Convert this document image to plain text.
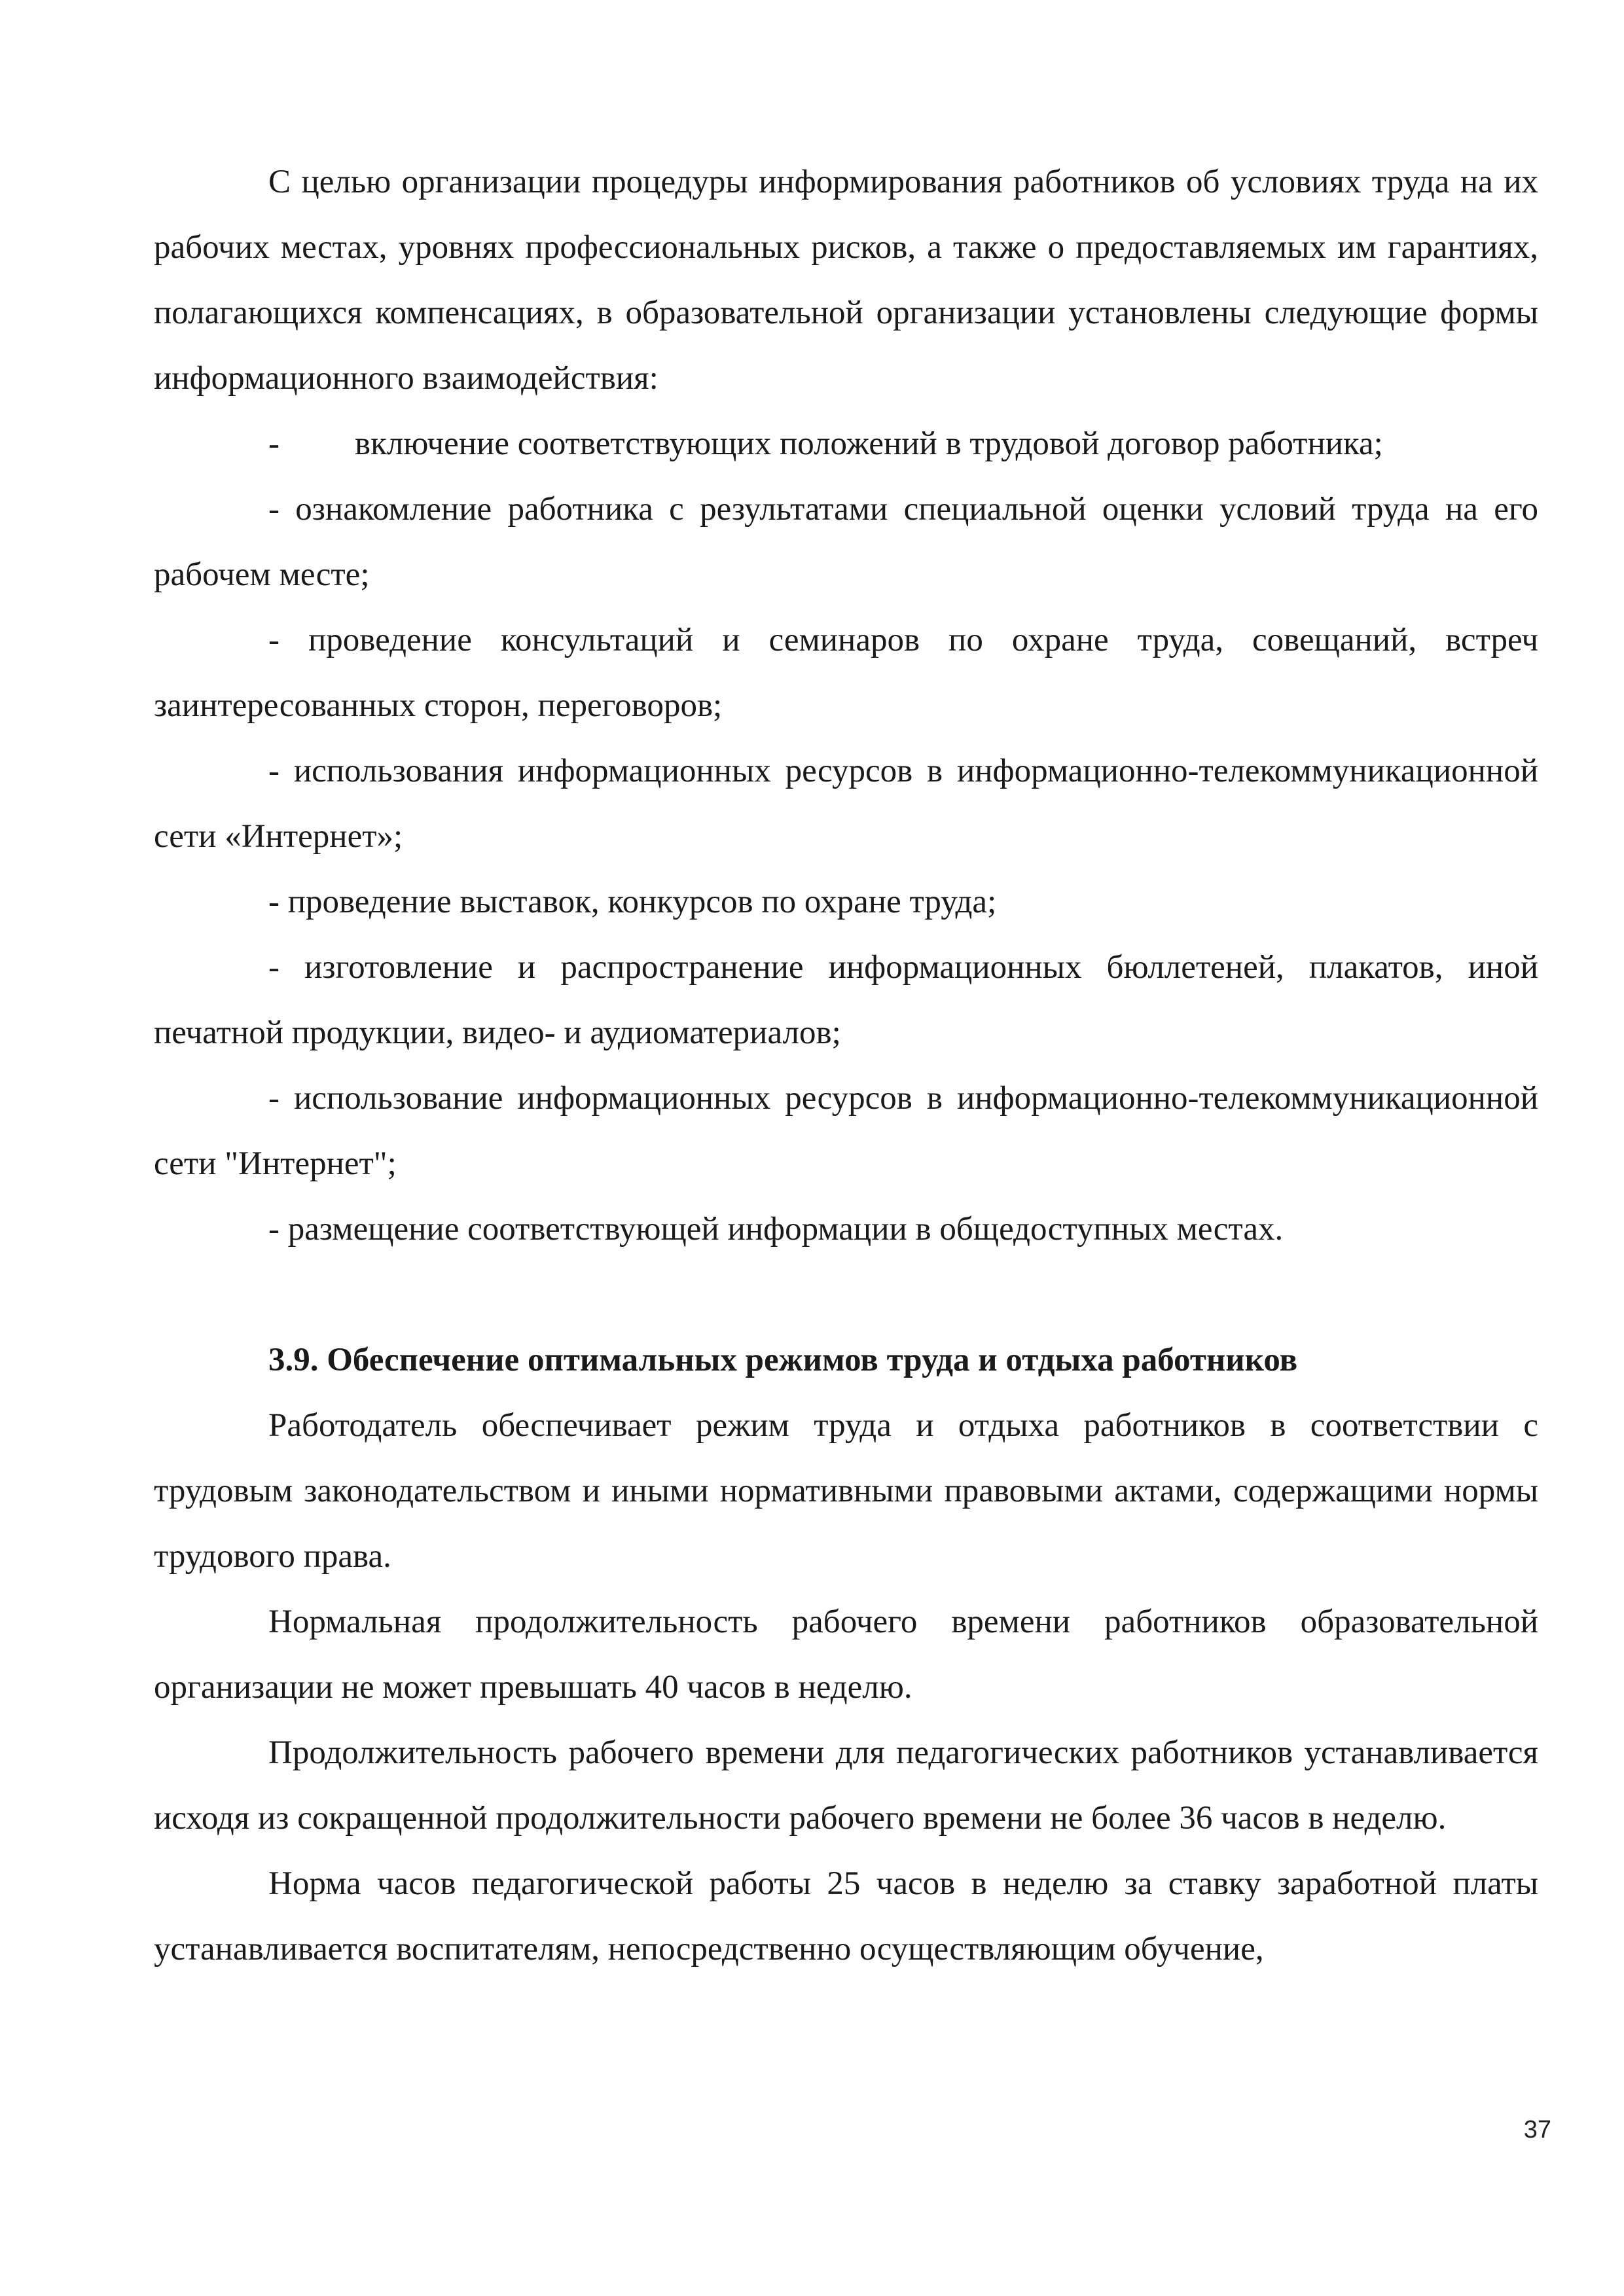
С целью организации процедуры информирования работников об условиях труда на их рабочих местах, уровнях профессиональных рисков, а также о предоставляемых им гарантиях, полагающихся компенсациях, в образовательной организации установлены следующие формы информационного взаимодействия:

- включение соответствующих положений в трудовой договор работника;

- ознакомление работника с результатами специальной оценки условий труда на его рабочем месте;

- проведение консультаций и семинаров по охране труда, совещаний, встреч заинтересованных сторон, переговоров;

- использования информационных ресурсов в информационно-телекоммуникационной сети «Интернет»;

- проведение выставок, конкурсов по охране труда;

- изготовление и распространение информационных бюллетеней, плакатов, иной печатной продукции, видео- и аудиоматериалов;

- использование информационных ресурсов в информационно-телекоммуникационной сети "Интернет";

- размещение соответствующей информации в общедоступных местах.

3.9. Обеспечение оптимальных режимов труда и отдыха работников

Работодатель обеспечивает режим труда и отдыха работников в соответствии с трудовым законодательством и иными нормативными правовыми актами, содержащими нормы трудового права.

Нормальная продолжительность рабочего времени работников образовательной организации не может превышать 40 часов в неделю.

Продолжительность рабочего времени для педагогических работников устанавливается исходя из сокращенной продолжительности рабочего времени не более 36 часов в неделю.

Норма часов педагогической работы 25 часов в неделю за ставку заработной платы устанавливается воспитателям, непосредственно осуществляющим обучение,

37
